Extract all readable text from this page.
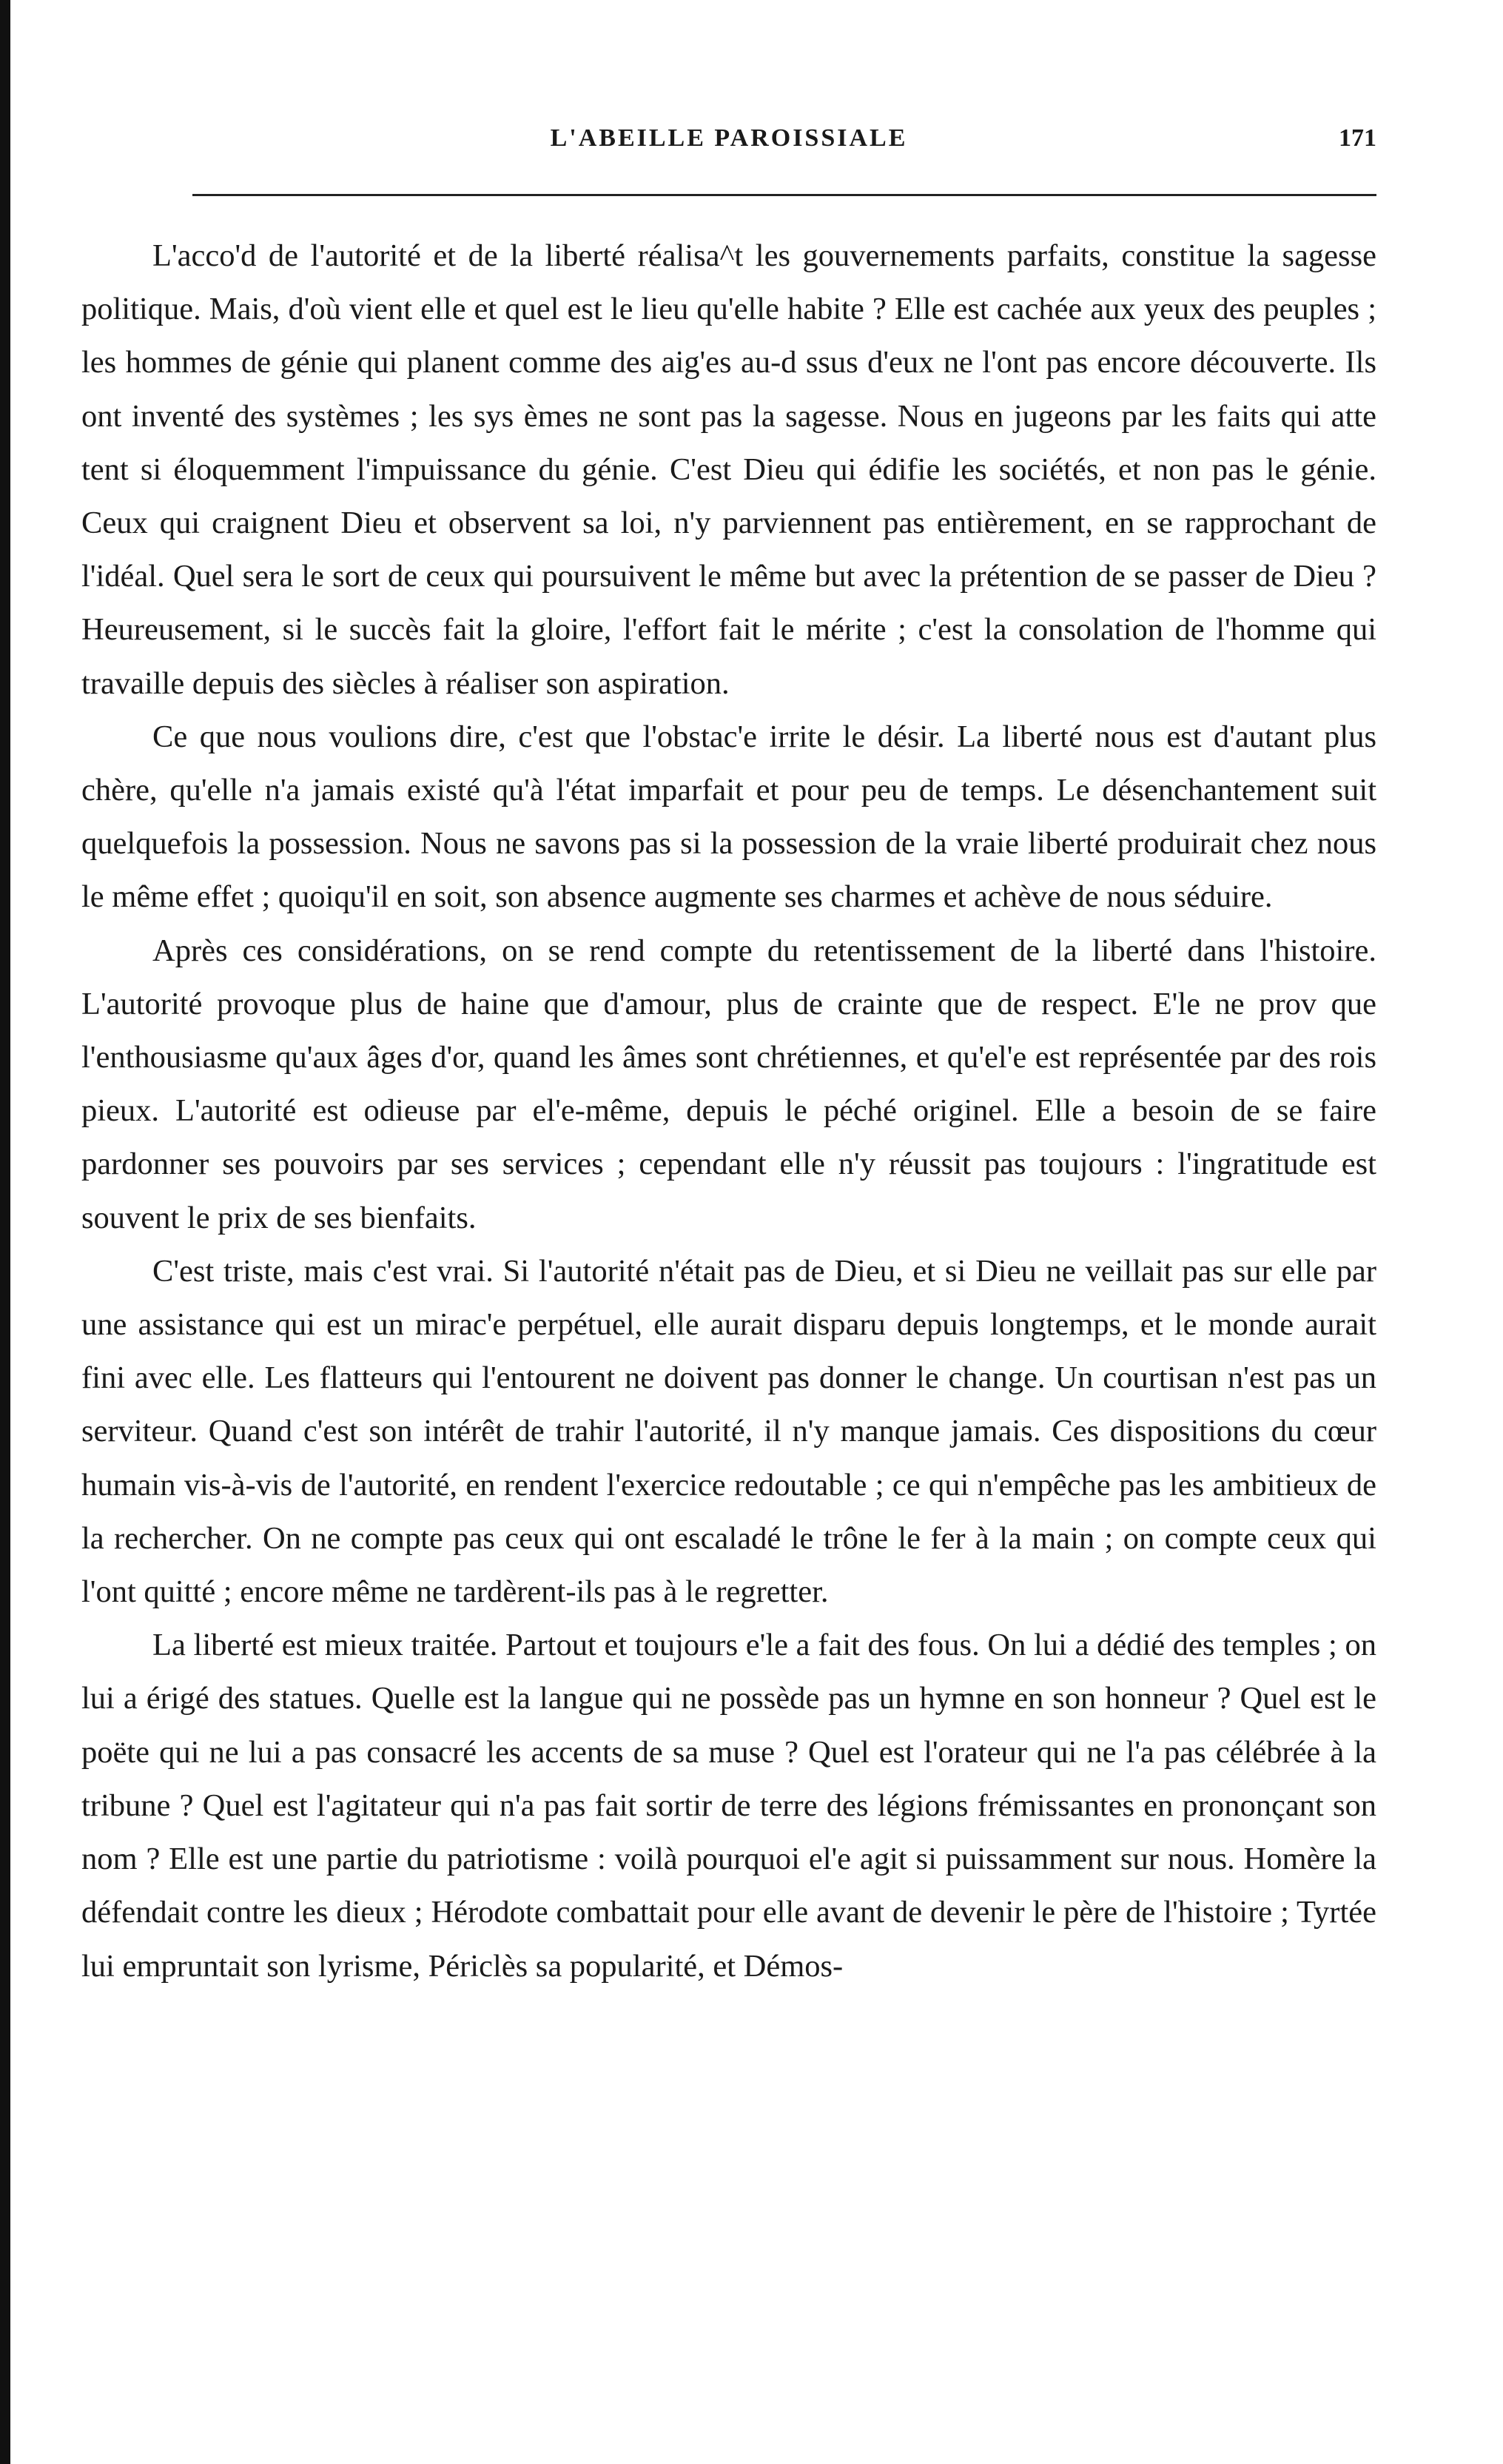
L'ABEILLE PAROISSIALE	171

L'acco'd de l'autorité et de la liberté réalisa^t les gouvernements parfaits, constitue la sagesse politique. Mais, d'où vient elle et quel est le lieu qu'elle habite ? Elle est cachée aux yeux des peuples ; les hommes de génie qui planent comme des aig'es au-d ssus d'eux ne l'ont pas encore découverte. Ils ont inventé des systèmes ; les sys èmes ne sont pas la sagesse. Nous en jugeons par les faits qui atte tent si éloquemment l'impuissance du génie. C'est Dieu qui édifie les sociétés, et non pas le génie. Ceux qui craignent Dieu et observent sa loi, n'y parviennent pas entièrement, en se rapprochant de l'idéal. Quel sera le sort de ceux qui poursuivent le même but avec la prétention de se passer de Dieu ? Heureusement, si le succès fait la gloire, l'effort fait le mérite ; c'est la consolation de l'homme qui travaille depuis des siècles à réaliser son aspiration.

Ce que nous voulions dire, c'est que l'obstac'e irrite le désir. La liberté nous est d'autant plus chère, qu'elle n'a jamais existé qu'à l'état imparfait et pour peu de temps. Le désenchantement suit quelquefois la possession. Nous ne savons pas si la possession de la vraie liberté produirait chez nous le même effet ; quoiqu'il en soit, son absence augmente ses charmes et achève de nous séduire.

Après ces considérations, on se rend compte du retentissement de la liberté dans l'histoire. L'autorité provoque plus de haine que d'amour, plus de crainte que de respect. E'le ne prov que l'enthousiasme qu'aux âges d'or, quand les âmes sont chrétiennes, et qu'el'e est représentée par des rois pieux. L'autorité est odieuse par el'e-même, depuis le péché originel. Elle a besoin de se faire pardonner ses pouvoirs par ses services ; cependant elle n'y réussit pas toujours : l'ingratitude est souvent le prix de ses bienfaits.

C'est triste, mais c'est vrai. Si l'autorité n'était pas de Dieu, et si Dieu ne veillait pas sur elle par une assistance qui est un mirac'e perpétuel, elle aurait disparu depuis longtemps, et le monde aurait fini avec elle. Les flatteurs qui l'entourent ne doivent pas donner le change. Un courtisan n'est pas un serviteur. Quand c'est son intérêt de trahir l'autorité, il n'y manque jamais. Ces dispositions du cœur humain vis-à-vis de l'autorité, en rendent l'exercice redoutable ; ce qui n'empêche pas les ambitieux de la rechercher. On ne compte pas ceux qui ont escaladé le trône le fer à la main ; on compte ceux qui l'ont quitté ; encore même ne tardèrent-ils pas à le regretter.

La liberté est mieux traitée. Partout et toujours e'le a fait des fous. On lui a dédié des temples ; on lui a érigé des statues. Quelle est la langue qui ne possède pas un hymne en son honneur ? Quel est le poëte qui ne lui a pas consacré les accents de sa muse ? Quel est l'orateur qui ne l'a pas célébrée à la tribune ? Quel est l'agitateur qui n'a pas fait sortir de terre des légions frémissantes en prononçant son nom ? Elle est une partie du patriotisme : voilà pourquoi el'e agit si puissamment sur nous. Homère la défendait contre les dieux ; Hérodote combattait pour elle avant de devenir le père de l'histoire ; Tyrtée lui empruntait son lyrisme, Périclès sa popularité, et Démos-
